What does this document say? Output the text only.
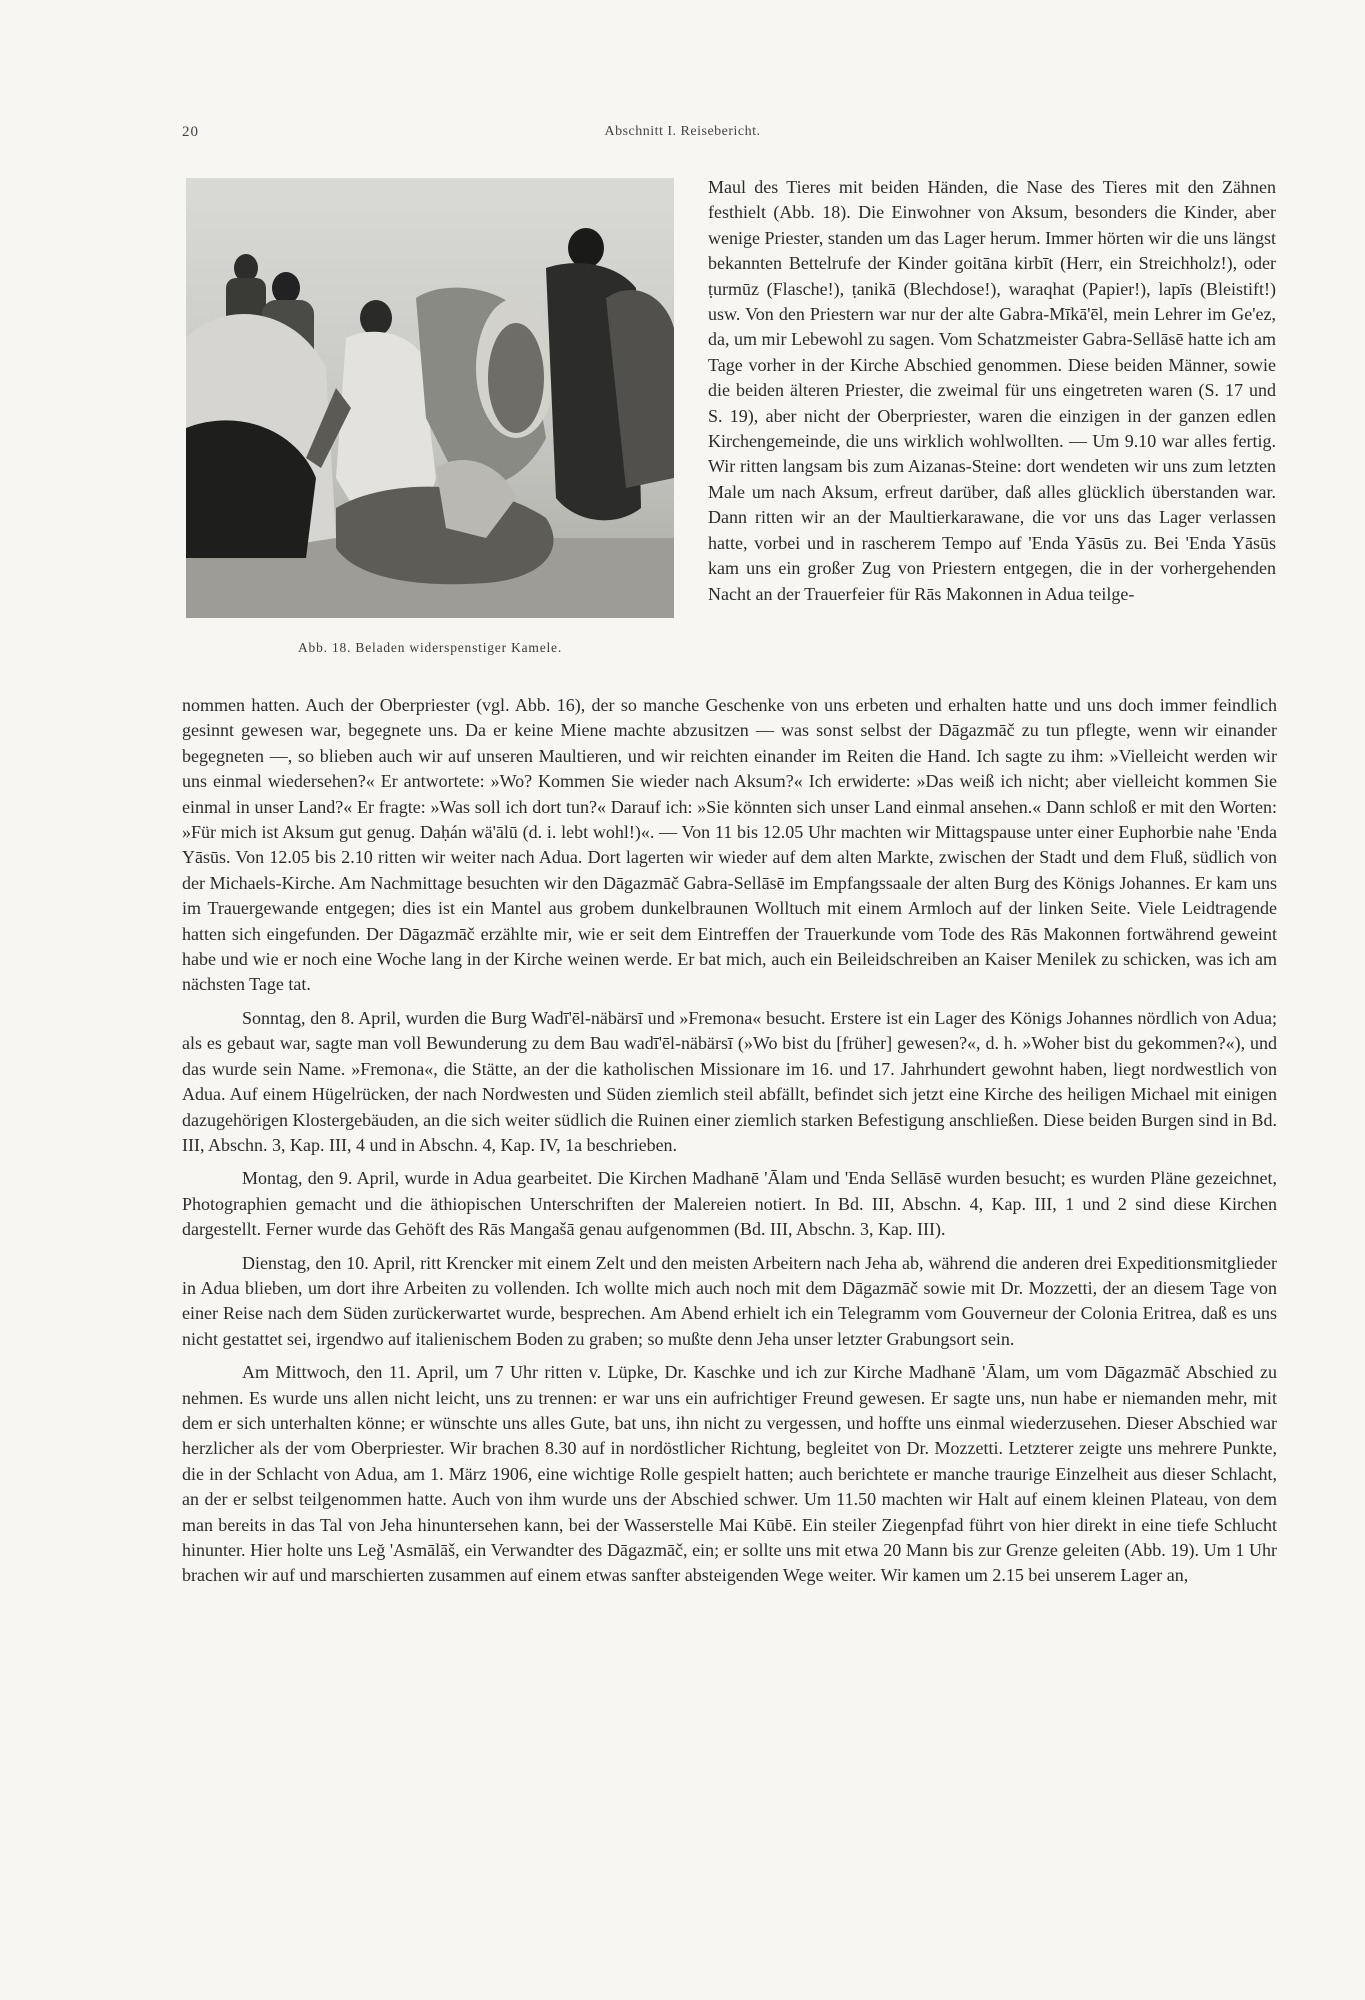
20	Abschnitt I. Reisebericht.
Abb. 18. Beladen widerspenstiger Kamele.
Maul des Tieres mit beiden Händen, die Nase des Tieres mit den Zähnen festhielt (Abb. 18). Die Einwohner von Aksum, besonders die Kinder, aber wenige Priester, standen um das Lager herum. Immer hörten wir die uns längst bekannten Bettelrufe der Kinder goitāna kirbīt (Herr, ein Streichholz!), oder ṭurmūz (Flasche!), ṭanikā (Blechdose!), waraqhat (Papier!), lapīs (Bleistift!) usw. Von den Priestern war nur der alte Gabra-Mīkā'ēl, mein Lehrer im Ge'ez, da, um mir Lebewohl zu sagen. Vom Schatzmeister Gabra-Sellāsē hatte ich am Tage vorher in der Kirche Abschied genommen. Diese beiden Männer, sowie die beiden älteren Priester, die zweimal für uns eingetreten waren (S. 17 und S. 19), aber nicht der Oberpriester, waren die einzigen in der ganzen edlen Kirchengemeinde, die uns wirklich wohlwollten. — Um 9.10 war alles fertig. Wir ritten langsam bis zum Aizanas-Steine: dort wendeten wir uns zum letzten Male um nach Aksum, erfreut darüber, daß alles glücklich überstanden war. Dann ritten wir an der Maultierkarawane, die vor uns das Lager verlassen hatte, vorbei und in rascherem Tempo auf 'Enda Yāsūs zu. Bei 'Enda Yāsūs kam uns ein großer Zug von Priestern entgegen, die in der vorhergehenden Nacht an der Trauerfeier für Rās Makonnen in Adua teilge-

nommen hatten. Auch der Oberpriester (vgl. Abb. 16), der so manche Geschenke von uns erbeten und erhalten hatte und uns doch immer feindlich gesinnt gewesen war, begegnete uns. Da er keine Miene machte abzusitzen — was sonst selbst der Dāgazmāč zu tun pflegte, wenn wir einander begegneten —, so blieben auch wir auf unseren Maultieren, und wir reichten einander im Reiten die Hand. Ich sagte zu ihm: »Vielleicht werden wir uns einmal wiedersehen?« Er antwortete: »Wo? Kommen Sie wieder nach Aksum?« Ich erwiderte: »Das weiß ich nicht; aber vielleicht kommen Sie einmal in unser Land?« Er fragte: »Was soll ich dort tun?« Darauf ich: »Sie könnten sich unser Land einmal ansehen.« Dann schloß er mit den Worten: »Für mich ist Aksum gut genug. Daḥán wä'ālū (d. i. lebt wohl!)«. — Von 11 bis 12.05 Uhr machten wir Mittagspause unter einer Euphorbie nahe 'Enda Yāsūs. Von 12.05 bis 2.10 ritten wir weiter nach Adua. Dort lagerten wir wieder auf dem alten Markte, zwischen der Stadt und dem Fluß, südlich von der Michaels-Kirche. Am Nachmittage besuchten wir den Dāgazmāč Gabra-Sellāsē im Empfangssaale der alten Burg des Königs Johannes. Er kam uns im Trauergewande entgegen; dies ist ein Mantel aus grobem dunkelbraunen Wolltuch mit einem Armloch auf der linken Seite. Viele Leidtragende hatten sich eingefunden. Der Dāgazmāč erzählte mir, wie er seit dem Eintreffen der Trauerkunde vom Tode des Rās Makonnen fortwährend geweint habe und wie er noch eine Woche lang in der Kirche weinen werde. Er bat mich, auch ein Beileidschreiben an Kaiser Menilek zu schicken, was ich am nächsten Tage tat.

Sonntag, den 8. April, wurden die Burg Wadī'ēl-näbärsī und »Fremona« besucht. Erstere ist ein Lager des Königs Johannes nördlich von Adua; als es gebaut war, sagte man voll Bewunderung zu dem Bau wadī'ēl-näbärsī (»Wo bist du [früher] gewesen?«, d. h. »Woher bist du gekommen?«), und das wurde sein Name. »Fremona«, die Stätte, an der die katholischen Missionare im 16. und 17. Jahrhundert gewohnt haben, liegt nordwestlich von Adua. Auf einem Hügelrücken, der nach Nordwesten und Süden ziemlich steil abfällt, befindet sich jetzt eine Kirche des heiligen Michael mit einigen dazugehörigen Klostergebäuden, an die sich weiter südlich die Ruinen einer ziemlich starken Befestigung anschließen. Diese beiden Burgen sind in Bd. III, Abschn. 3, Kap. III, 4 und in Abschn. 4, Kap. IV, 1a beschrieben.

Montag, den 9. April, wurde in Adua gearbeitet. Die Kirchen Madhanē 'Ālam und 'Enda Sellāsē wurden besucht; es wurden Pläne gezeichnet, Photographien gemacht und die äthiopischen Unterschriften der Malereien notiert. In Bd. III, Abschn. 4, Kap. III, 1 und 2 sind diese Kirchen dargestellt. Ferner wurde das Gehöft des Rās Mangašā genau aufgenommen (Bd. III, Abschn. 3, Kap. III).

Dienstag, den 10. April, ritt Krencker mit einem Zelt und den meisten Arbeitern nach Jeha ab, während die anderen drei Expeditionsmitglieder in Adua blieben, um dort ihre Arbeiten zu vollenden. Ich wollte mich auch noch mit dem Dāgazmāč sowie mit Dr. Mozzetti, der an diesem Tage von einer Reise nach dem Süden zurückerwartet wurde, besprechen. Am Abend erhielt ich ein Telegramm vom Gouverneur der Colonia Eritrea, daß es uns nicht gestattet sei, irgendwo auf italienischem Boden zu graben; so mußte denn Jeha unser letzter Grabungsort sein.

Am Mittwoch, den 11. April, um 7 Uhr ritten v. Lüpke, Dr. Kaschke und ich zur Kirche Madhanē 'Ālam, um vom Dāgazmāč Abschied zu nehmen. Es wurde uns allen nicht leicht, uns zu trennen: er war uns ein aufrichtiger Freund gewesen. Er sagte uns, nun habe er niemanden mehr, mit dem er sich unterhalten könne; er wünschte uns alles Gute, bat uns, ihn nicht zu vergessen, und hoffte uns einmal wiederzusehen. Dieser Abschied war herzlicher als der vom Oberpriester. Wir brachen 8.30 auf in nordöstlicher Richtung, begleitet von Dr. Mozzetti. Letzterer zeigte uns mehrere Punkte, die in der Schlacht von Adua, am 1. März 1906, eine wichtige Rolle gespielt hatten; auch berichtete er manche traurige Einzelheit aus dieser Schlacht, an der er selbst teilgenommen hatte. Auch von ihm wurde uns der Abschied schwer. Um 11.50 machten wir Halt auf einem kleinen Plateau, von dem man bereits in das Tal von Jeha hinuntersehen kann, bei der Wasserstelle Mai Kūbē. Ein steiler Ziegenpfad führt von hier direkt in eine tiefe Schlucht hinunter. Hier holte uns Leğ 'Asmālāš, ein Verwandter des Dāgazmāč, ein; er sollte uns mit etwa 20 Mann bis zur Grenze geleiten (Abb. 19). Um 1 Uhr brachen wir auf und marschierten zusammen auf einem etwas sanfter absteigenden Wege weiter. Wir kamen um 2.15 bei unserem Lager an,
